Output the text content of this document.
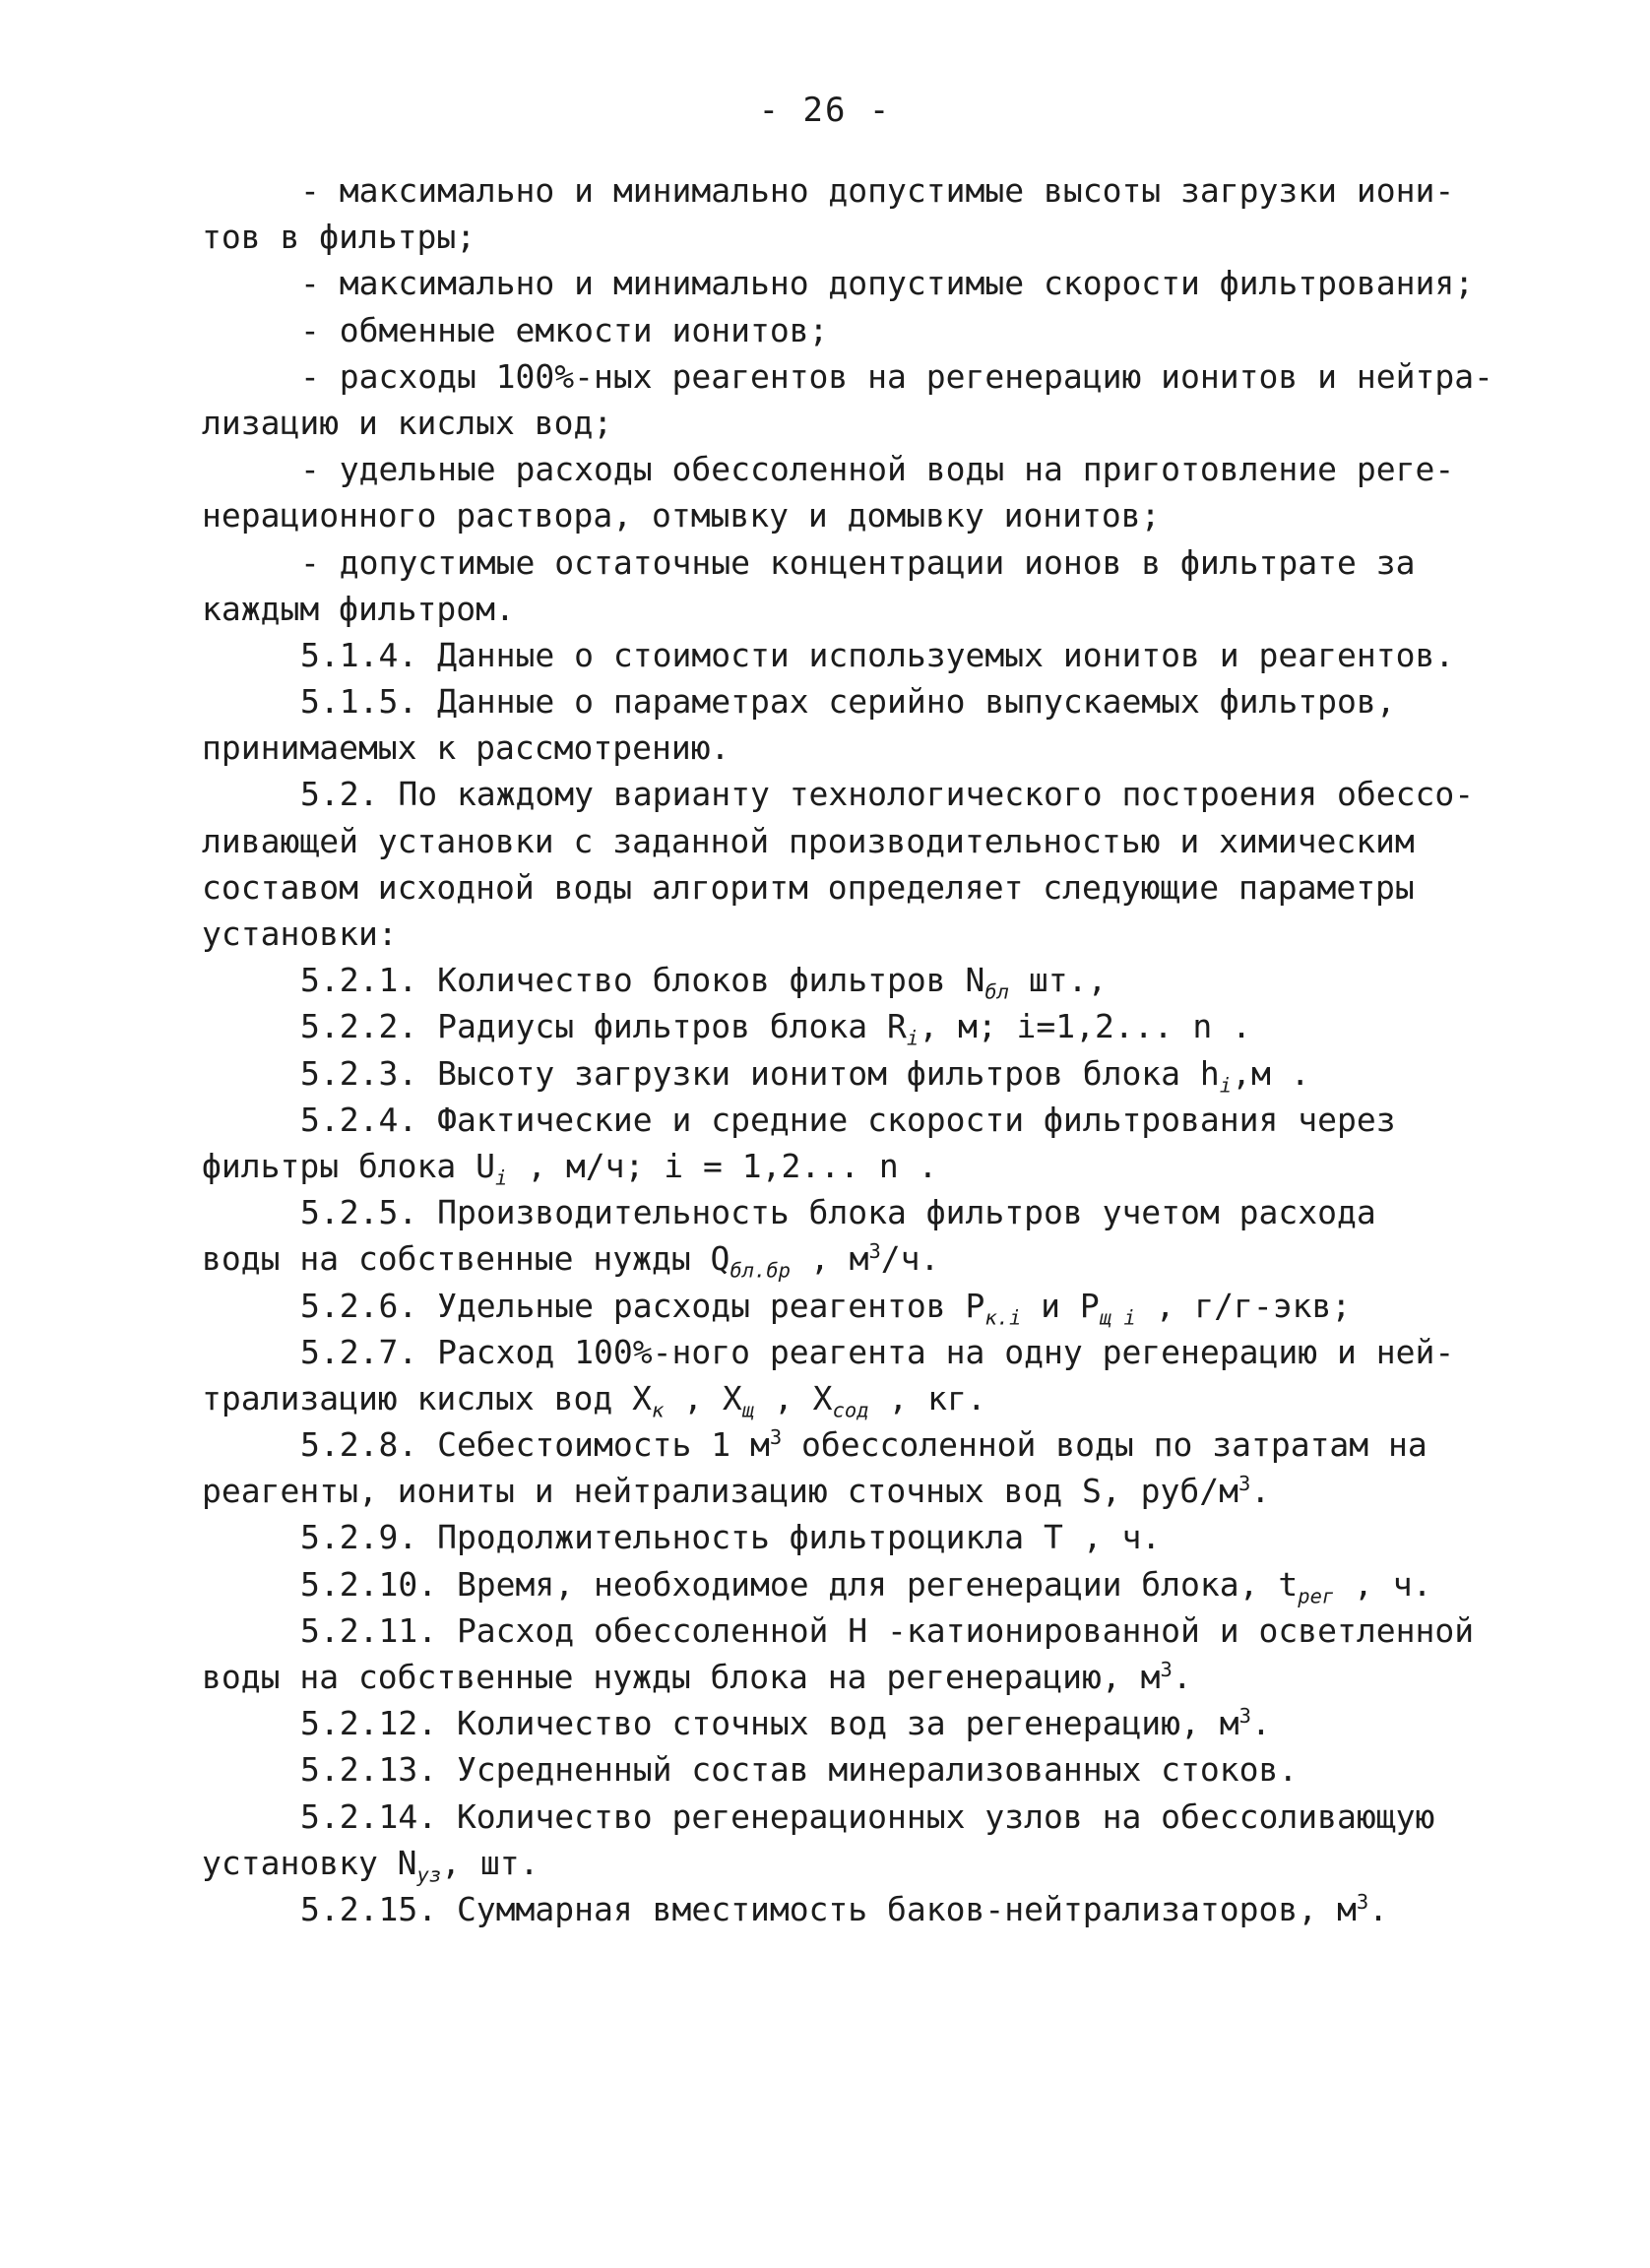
- 26 -
- максимально и минимально допустимые высоты загрузки иони-
тов в фильтры;
- максимально и минимально допустимые скорости фильтрования;
- обменные емкости ионитов;
- расходы 100%-ных реагентов на регенерацию ионитов и нейтра-
лизацию и кислых вод;
- удельные расходы обессоленной воды на приготовление реге-
нерационного раствора, отмывку и домывку ионитов;
- допустимые остаточные концентрации ионов в фильтрате за
каждым фильтром.
5.1.4. Данные о стоимости используемых ионитов и реагентов.
5.1.5. Данные о параметрах серийно выпускаемых фильтров,
принимаемых к рассмотрению.
5.2. По каждому варианту технологического построения обессо-
ливающей установки с заданной производительностью и химическим
составом исходной воды алгоритм определяет следующие параметры
установки:
5.2.1. Количество блоков фильтров $N_{бл}$ шт.,
5.2.2. Радиусы фильтров блока $R_i$, м; i=1,2... n .
5.2.3. Высоту загрузки ионитом фильтров блока $h_i,м$ .
5.2.4. Фактические и средние скорости фильтрования через
фильтры блока $U_i$ , м/ч; i = 1,2... n .
5.2.5. Производительность блока фильтров учетом расхода
воды на собственные нужды $Q_{бл.бр}$ , $м^3/ч$.
5.2.6. Удельные расходы реагентов $P_{к.i}$ и $P_{щ i}$ , г/г-экв;
5.2.7. Расход 100%-ного реагента на одну регенерацию и ней-
трализацию кислых вод $X_к$ , $X_щ$ , $X_{сод}$ , кг.
5.2.8. Себестоимость 1 $м^3$ обессоленной воды по затратам на
реагенты, иониты и нейтрализацию сточных вод S, руб/$м^3$.
5.2.9. Продолжительность фильтроцикла T , ч.
5.2.10. Время, необходимое для регенерации блока, $t_{рег}$ , ч.
5.2.11. Расход обессоленной H -катионированной и осветленной
воды на собственные нужды блока на регенерацию, $м^3$.
5.2.12. Количество сточных вод за регенерацию, $м^3$.
5.2.13. Усредненный состав минерализованных стоков.
5.2.14. Количество регенерационных узлов на обессоливающую
установку $N_{уз}$, шт.
5.2.15. Суммарная вместимость баков-нейтрализаторов, $м^3$.
